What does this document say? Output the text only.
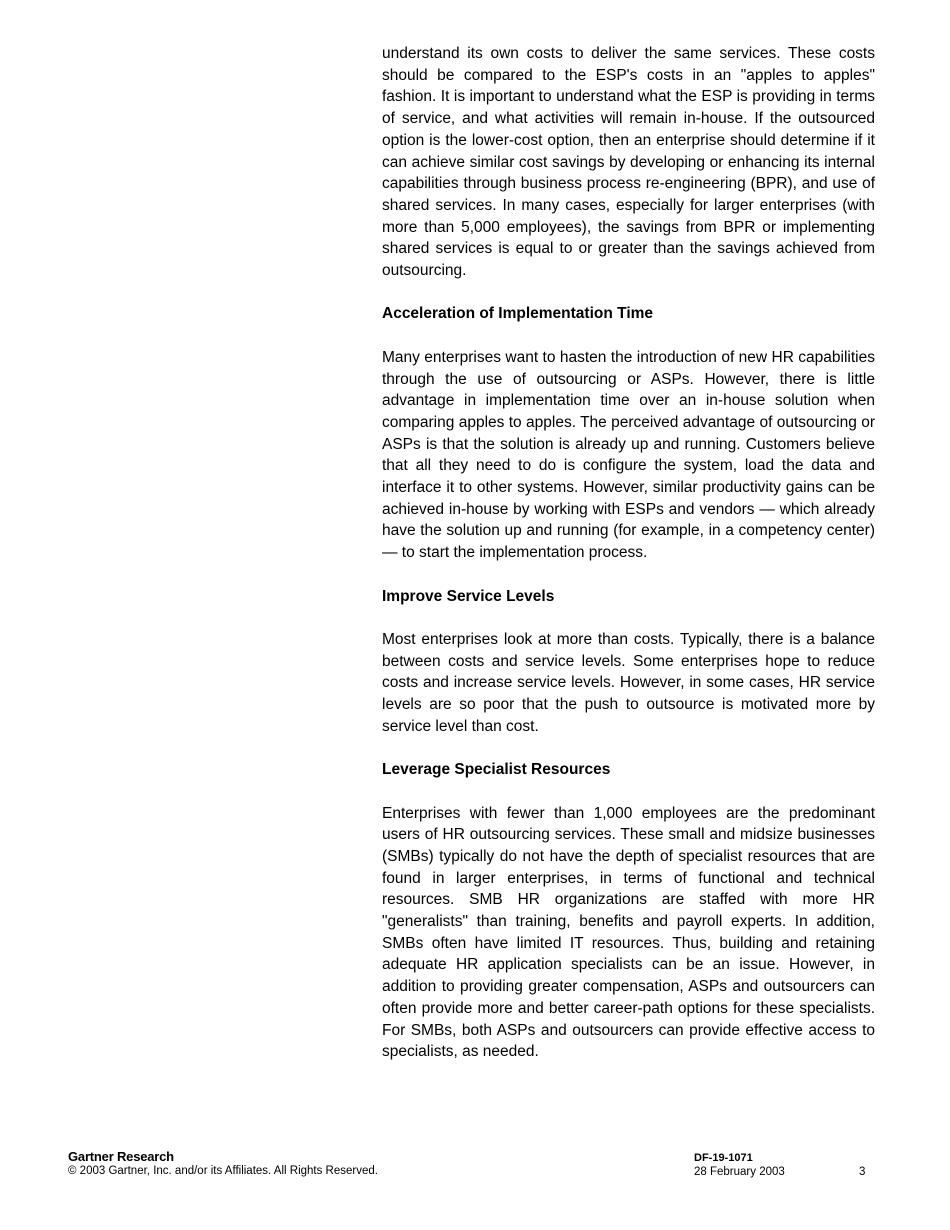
understand its own costs to deliver the same services. These costs should be compared to the ESP's costs in an "apples to apples" fashion. It is important to understand what the ESP is providing in terms of service, and what activities will remain in-house. If the outsourced option is the lower-cost option, then an enterprise should determine if it can achieve similar cost savings by developing or enhancing its internal capabilities through business process re-engineering (BPR), and use of shared services. In many cases, especially for larger enterprises (with more than 5,000 employees), the savings from BPR or implementing shared services is equal to or greater than the savings achieved from outsourcing.

Acceleration of Implementation Time

Many enterprises want to hasten the introduction of new HR capabilities through the use of outsourcing or ASPs. However, there is little advantage in implementation time over an in-house solution when comparing apples to apples. The perceived advantage of outsourcing or ASPs is that the solution is already up and running. Customers believe that all they need to do is configure the system, load the data and interface it to other systems. However, similar productivity gains can be achieved in-house by working with ESPs and vendors — which already have the solution up and running (for example, in a competency center) — to start the implementation process.

Improve Service Levels

Most enterprises look at more than costs. Typically, there is a balance between costs and service levels. Some enterprises hope to reduce costs and increase service levels. However, in some cases, HR service levels are so poor that the push to outsource is motivated more by service level than cost.

Leverage Specialist Resources

Enterprises with fewer than 1,000 employees are the predominant users of HR outsourcing services. These small and midsize businesses (SMBs) typically do not have the depth of specialist resources that are found in larger enterprises, in terms of functional and technical resources. SMB HR organizations are staffed with more HR "generalists" than training, benefits and payroll experts. In addition, SMBs often have limited IT resources. Thus, building and retaining adequate HR application specialists can be an issue. However, in addition to providing greater compensation, ASPs and outsourcers can often provide more and better career-path options for these specialists. For SMBs, both ASPs and outsourcers can provide effective access to specialists, as needed.

Gartner Research
© 2003 Gartner, Inc. and/or its Affiliates. All Rights Reserved.
DF-19-1071
28 February 2003	3
